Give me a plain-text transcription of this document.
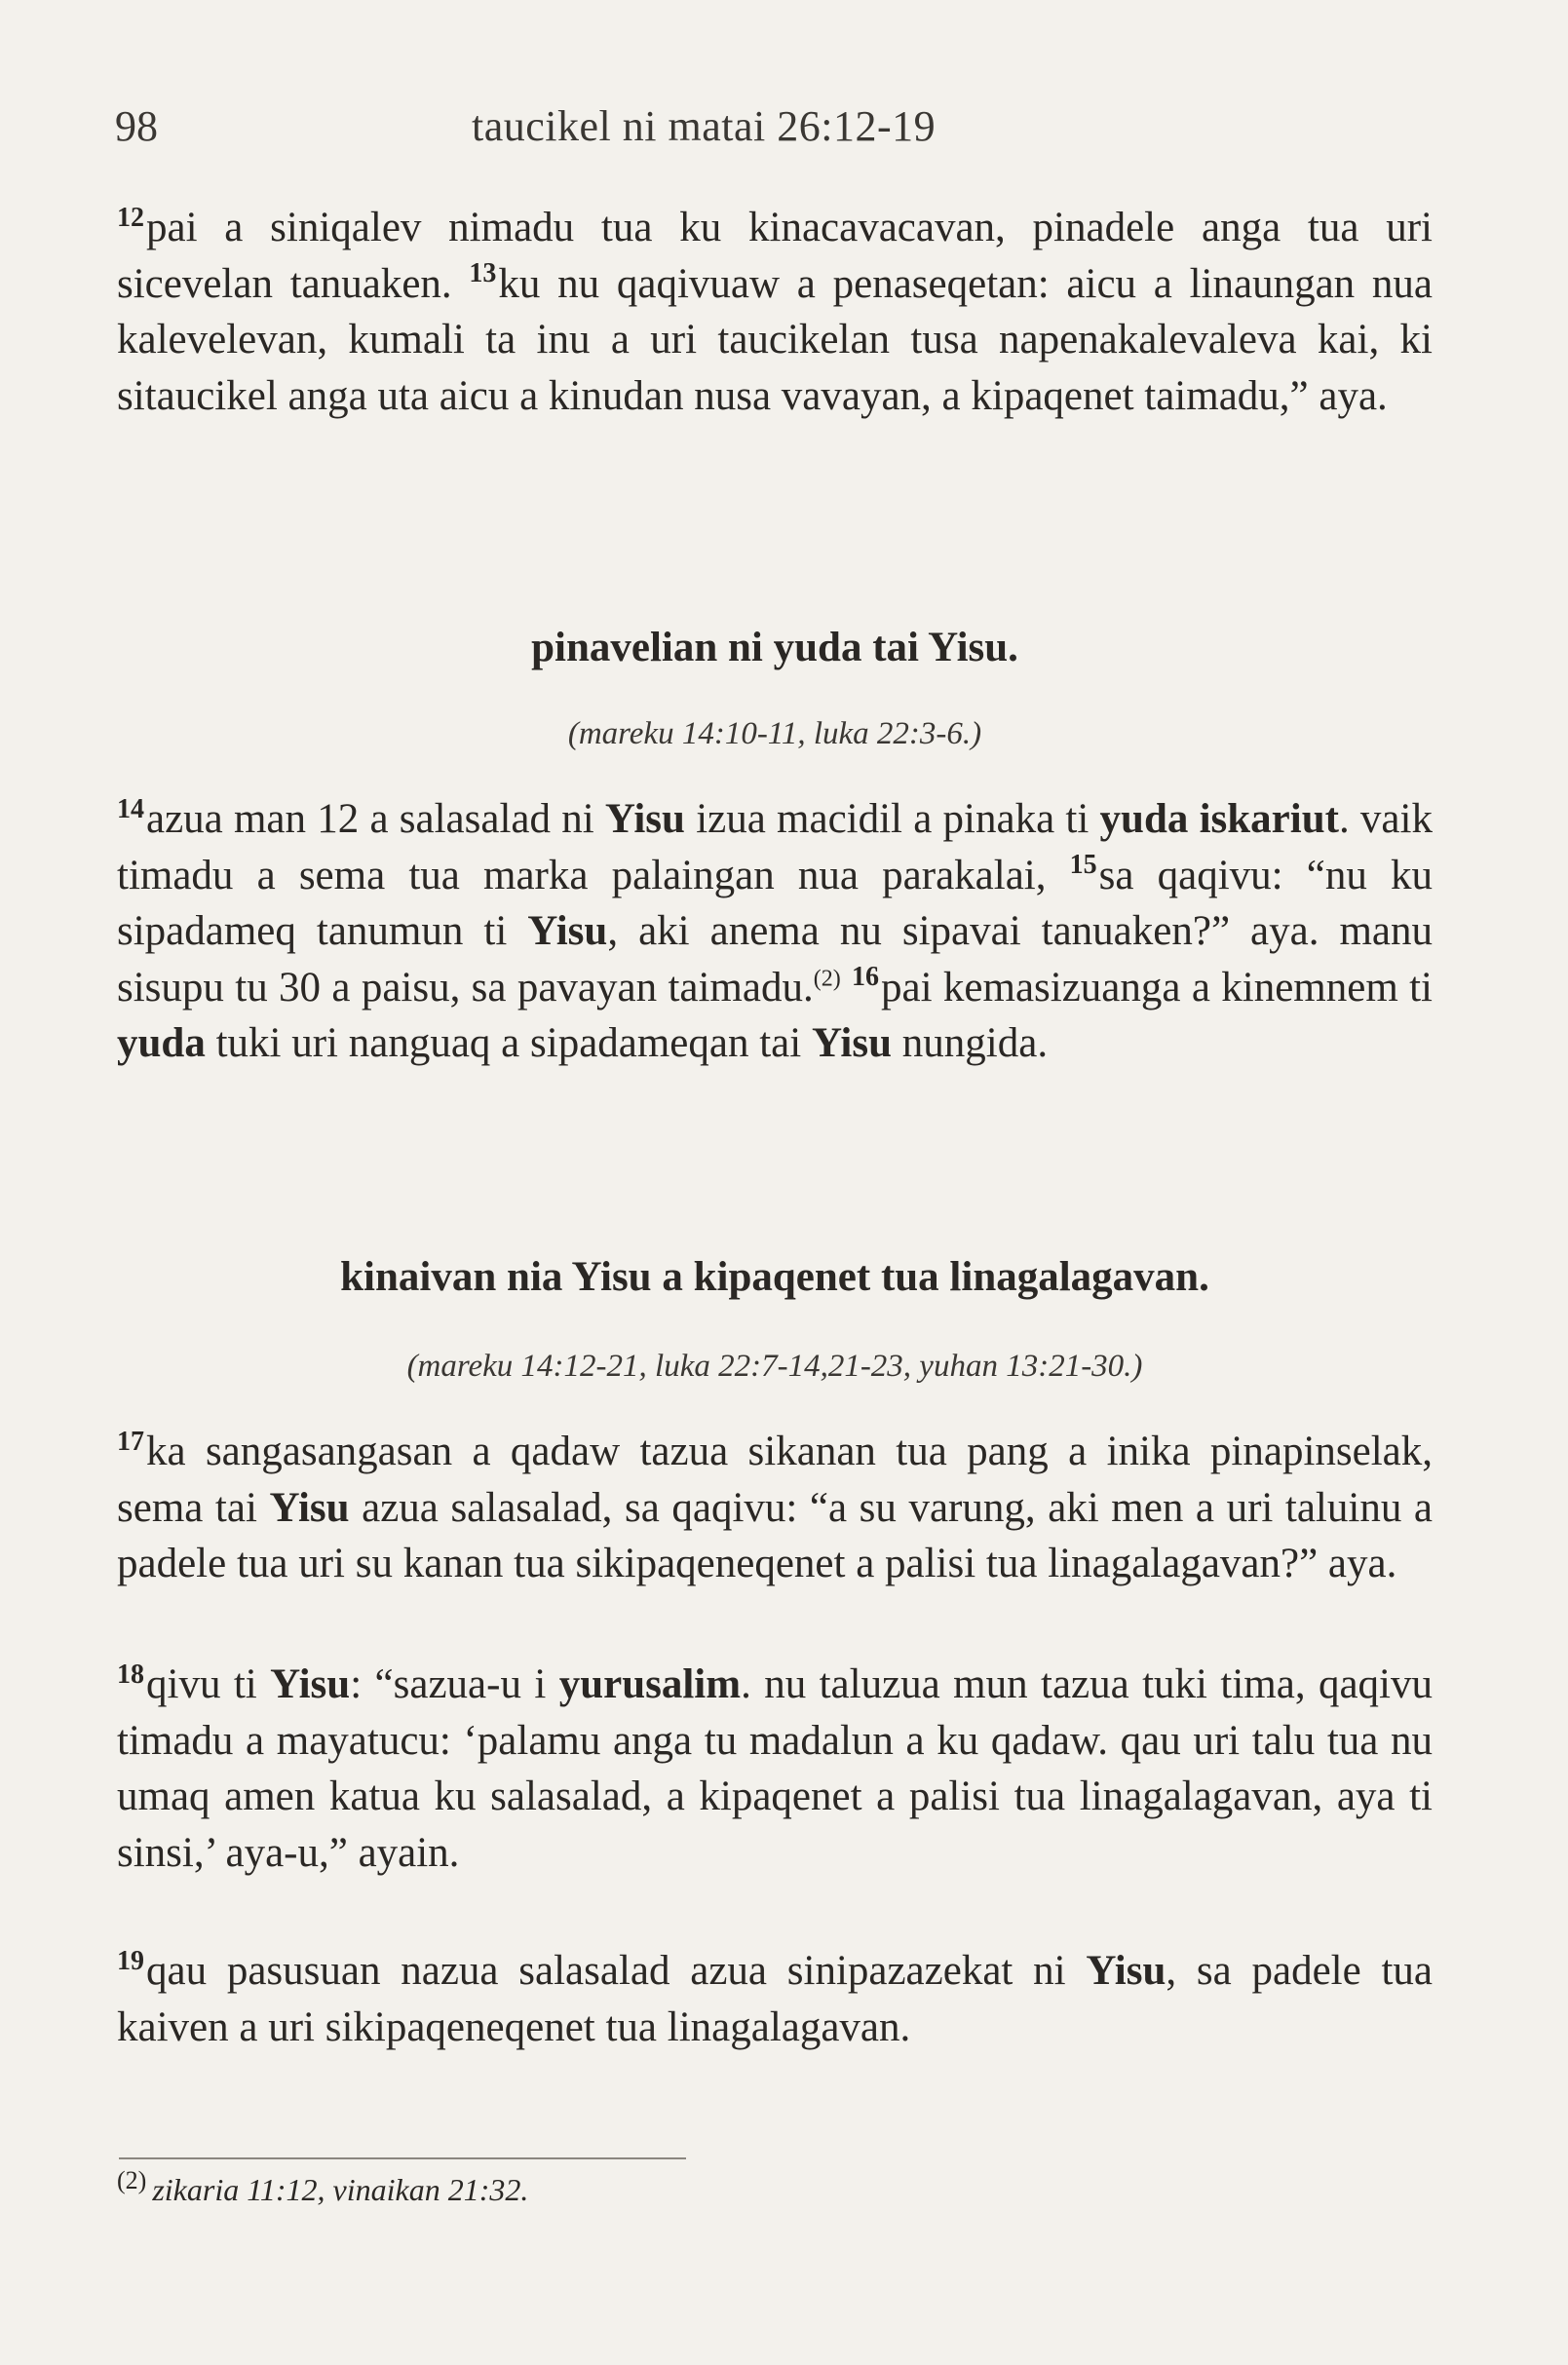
98	taucikel ni matai 26:12-19
$^{12}$pai a siniqalev nimadu tua ku kinacavacavan, pinadele anga tua uri sicevelan tanuaken. $^{13}$ku nu qaqivuaw a penaseqetan: aicu a linaungan nua kalevelevan, kumali ta inu a uri taucikelan tusa napenakalevaleva kai, ki sitaucikel anga uta aicu a kinudan nusa vavayan, a kipaqenet taimadu,” aya.
pinavelian ni yuda tai Yisu.
(mareku 14:10-11, luka 22:3-6.)
$^{14}$azua man 12 a salasalad ni Yisu izua macidil a pinaka ti yuda iskariut. vaik timadu a sema tua marka palaingan nua parakalai, $^{15}$sa qaqivu: “nu ku sipadameq tanumun ti Yisu, aki anema nu sipavai tanuaken?” aya. manu sisupu tu 30 a paisu, sa pavayan taimadu.$^{(2)}$ $^{16}$pai kemasizuanga a kinemnem ti yuda tuki uri nanguaq a sipadameqan tai Yisu nungida.
kinaivan nia Yisu a kipaqenet tua linagalagavan.
(mareku 14:12-21, luka 22:7-14,21-23, yuhan 13:21-30.)
$^{17}$ka sangasangasan a qadaw tazua sikanan tua pang a inika pinapinselak, sema tai Yisu azua salasalad, sa qaqivu: “a su varung, aki men a uri taluinu a padele tua uri su kanan tua sikipaqeneqenet a palisi tua linagalagavan?” aya.
$^{18}$qivu ti Yisu: “sazua-u i yurusalim. nu taluzua mun tazua tuki tima, qaqivu timadu a mayatucu: ‘palamu anga tu madalun a ku qadaw. qau uri talu tua nu umaq amen katua ku salasalad, a kipaqenet a palisi tua linagalagavan, aya ti sinsi,’ aya-u,” ayain.
$^{19}$qau pasusuan nazua salasalad azua sinipazazekat ni Yisu, sa padele tua kaiven a uri sikipaqeneqenet tua linagalagavan.
$^{(2)}$ zikaria 11:12, vinaikan 21:32.
